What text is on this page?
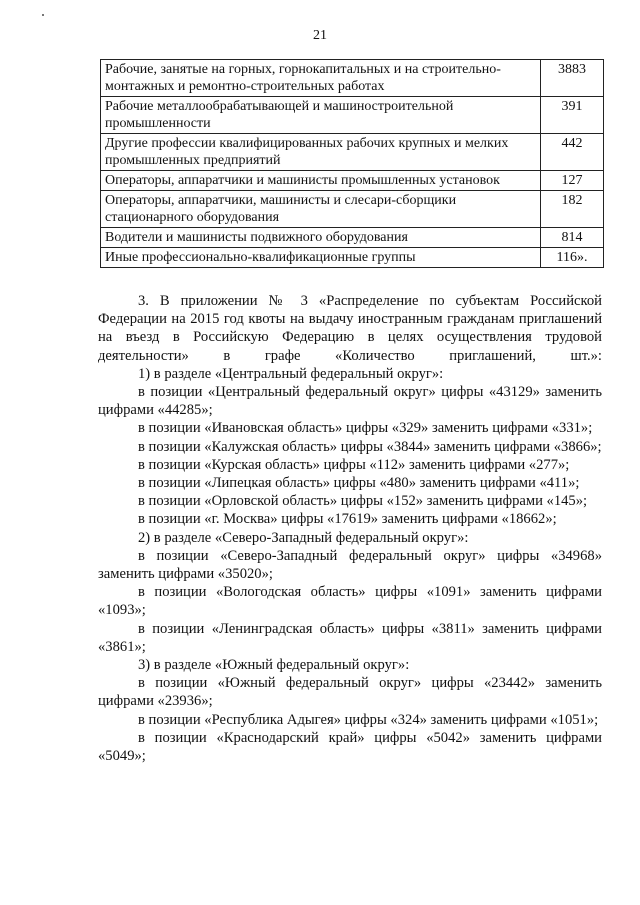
21
Рабочие, занятые на горных, горнокапитальных и на строительно-монтажных и ремонтно-строительных работах	3883
Рабочие металлообрабатывающей и машиностроительной промышленности	391
Другие профессии квалифицированных рабочих крупных и мелких промышленных предприятий	442
Операторы, аппаратчики и машинисты промышленных установок	127
Операторы, аппаратчики, машинисты и слесари-сборщики стационарного оборудования	182
Водители и машинисты подвижного оборудования	814
Иные профессионально-квалификационные группы	116».

3. В приложении № 3 «Распределение по субъектам Российской Федерации на 2015 год квоты на выдачу иностранным гражданам приглашений на въезд в Российскую Федерацию в целях осуществления трудовой деятельности» в графе «Количество приглашений, шт.»:

1) в разделе «Центральный федеральный округ»:

в позиции «Центральный федеральный округ» цифры «43129» заменить цифрами «44285»;

в позиции «Ивановская область» цифры «329» заменить цифрами «331»;

в позиции «Калужская область» цифры «3844» заменить цифрами «3866»;

в позиции «Курская область» цифры «112» заменить цифрами «277»;

в позиции «Липецкая область» цифры «480» заменить цифрами «411»;

в позиции «Орловской область» цифры «152» заменить цифрами «145»;

в позиции «г. Москва» цифры «17619» заменить цифрами «18662»;

2) в разделе «Северо-Западный федеральный округ»:

в позиции «Северо-Западный федеральный округ» цифры «34968» заменить цифрами «35020»;

в позиции «Вологодская область» цифры «1091» заменить цифрами «1093»;

в позиции «Ленинградская область» цифры «3811» заменить цифрами «3861»;

3) в разделе «Южный федеральный округ»:

в позиции «Южный федеральный округ» цифры «23442» заменить цифрами «23936»;

в позиции «Республика Адыгея» цифры «324» заменить цифрами «1051»;

в позиции «Краснодарский край» цифры «5042» заменить цифрами «5049»;
